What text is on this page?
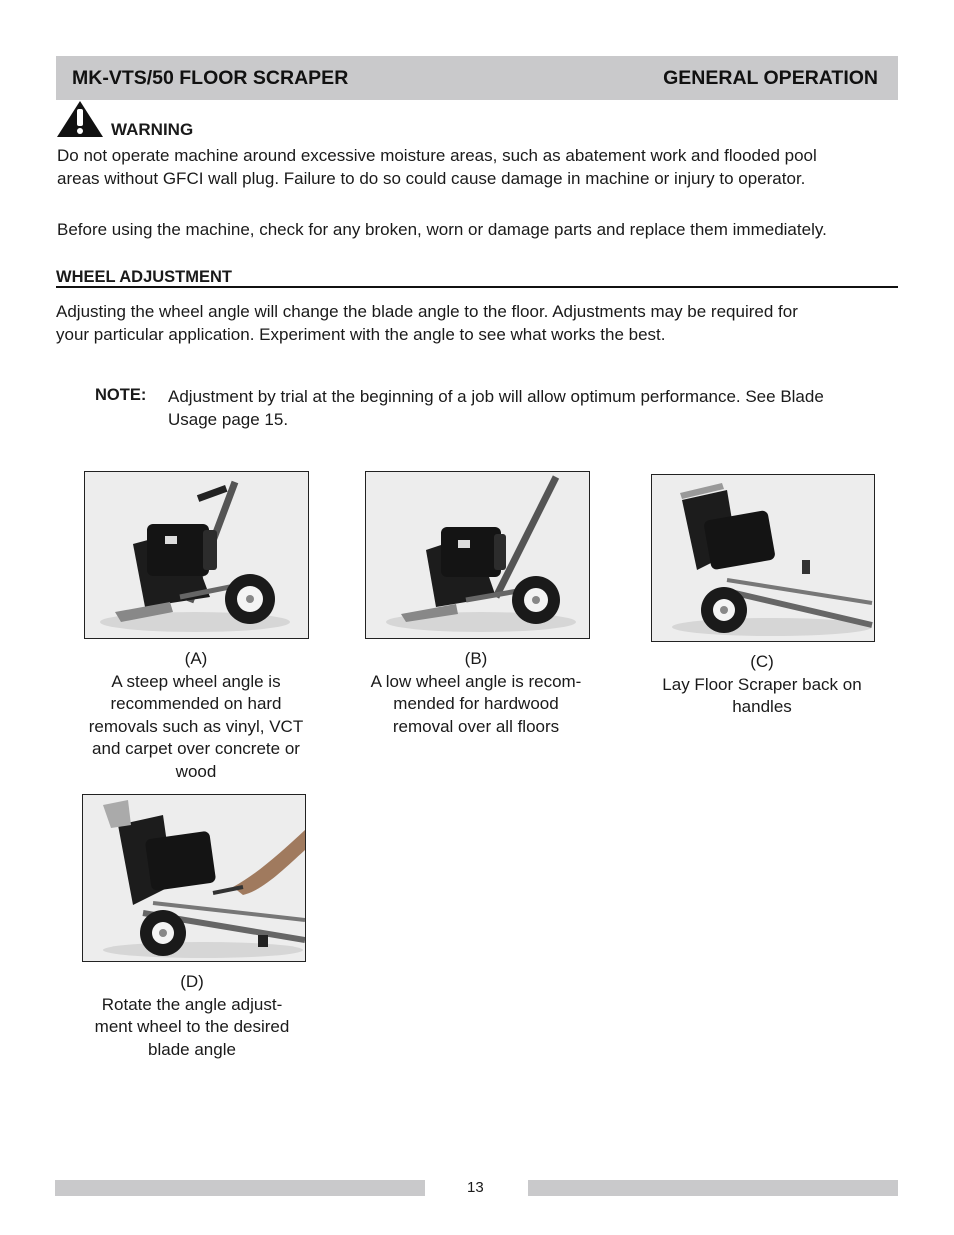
MK-VTS/50 FLOOR SCRAPER	GENERAL OPERATION
WARNING
Do not operate machine around excessive moisture areas, such as abatement work and flooded pool
areas without GFCI wall plug. Failure to do so could cause damage in machine or injury to operator.
Before using the machine, check for any broken, worn or damage parts and replace them immediately.
WHEEL ADJUSTMENT
Adjusting the wheel angle will change the blade angle to the floor. Adjustments may be required for
your particular application. Experiment with the angle to see what works the best.
NOTE: Adjustment by trial at the beginning of a job will allow optimum performance. See Blade
Usage page 15.
(A)
A steep wheel angle is
recommended on hard
removals such as vinyl, VCT
and carpet over concrete or
wood
(B)
A low wheel angle is recom-
mended for hardwood
removal over all floors
(C)
Lay Floor Scraper back on
handles
(D)
Rotate the angle adjust-
ment wheel to the desired
blade angle
13
